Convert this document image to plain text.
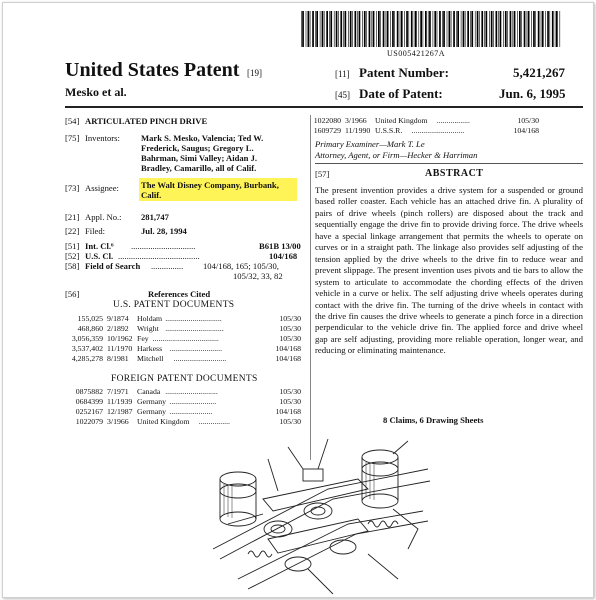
US005421267A
United States Patent [19]
Mesko et al.
[11] Patent Number:	5,421,267
[45] Date of Patent:	Jun. 6, 1995
[54] ARTICULATED PINCH DRIVE
[75] Inventors: Mark S. Mesko, Valencia; Ted W.
Frederick, Saugus; Gregory L.
Bahrman, Simi Valley; Aidan J.
Bradley, Camarillo, all of Calif.
[73] Assignee:	The Walt Disney Company, Burbank,
Calif.
[21] Appl. No.: 281,747
[22] Filed:	Jul. 28, 1994
[51] Int. Cl.⁶ ..............................	B61B 13/00
[52] U.S. Cl. ......................................	104/168
[58] Field of Search ............... 104/168, 165; 105/30,
105/32, 33, 82
[56]	References Cited
U.S. PATENT DOCUMENTS
155,025 9/1874 Holdam .............................	105/30
468,860 2/1892 Wright ..............................	105/30
3,056,359 10/1962 Fey ..................................	105/30
3,537,402 11/1970 Harkess ...........................	104/168
4,285,278 8/1981 Mitchell ...........................	104/168
FOREIGN PATENT DOCUMENTS
0875882 7/1971 Canada ...........................	105/30
0684399 11/1939 Germany ........................	105/30
0252167 12/1987 Germany ......................	104/168
1022079 3/1966 United Kingdom ................	105/30
1022080 3/1966 United Kingdom .................	105/30
1609729 11/1990 U.S.S.R. ...........................	104/168
Primary Examiner—Mark T. Le
Attorney, Agent, or Firm—Hecker & Harriman
[57]	ABSTRACT
The present invention provides a drive system for a suspended or ground based roller coaster. Each vehicle has an attached drive fin. A plurality of pairs of drive wheels (pinch rollers) are disposed about the track and sequentially engage the drive fin to provide driving force. The drive wheels have a special linkage arrangement that permits the wheels to operate on curves or in a straight path. The linkage also provides self adjusting of the tension applied by the drive wheels to the drive fin to reduce wear and prevent slippage. The present invention uses pivots and tie bars to allow the system to articulate to accommodate the chording effects of the driven vehicle in a curve or helix. The self adjusting drive wheels operates during contact with the drive fin. The turning of the drive wheels in contact with the drive fin causes the drive wheels to generate a pinch force in a direction perpendicular to the vehicle drive fin. The applied force and drive wheel gap are self adjusting, providing more reliable operation, longer wear, and reducing or eliminating maintenance.
8 Claims, 6 Drawing Sheets
